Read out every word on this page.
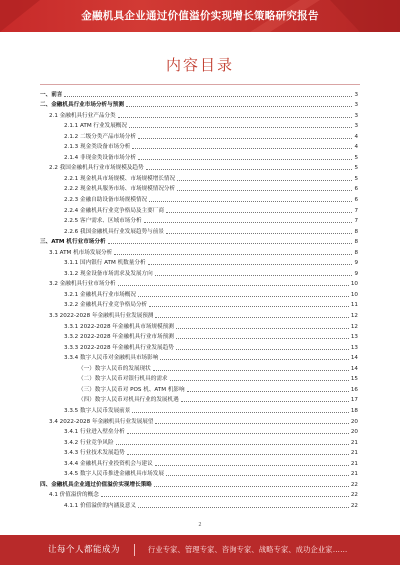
金融机具企业通过价值溢价实现增长策略研究报告
内容目录
一、前言	3
二、金融机具行业市场分析与预测	3
2.1 金融机具行业产品分类	3
2.1.1 ATM 行业发展概况	3
2.1.2 二级分类产品市场分析	4
2.1.3 现金类设备市场分析	4
2.1.4 非现金类设备市场分析	5
2.2 我国金融机具行业市场规模及趋势	5
2.2.1 现金机具市场规模、市场规模增长情况	5
2.2.2 现金机具服务市场、市场规模情况分析	6
2.2.3 金融自助设备市场规模情况	6
2.2.4 金融机具行业竞争格局及主要厂商	7
2.2.5 客户需求、区域市场分析	7
2.2.6 我国金融机具行业发展趋势与前景	8
三、ATM 机行业市场分析	8
3.1 ATM 机市场发展分析	8
3.1.1 国内银行 ATM 机数量分析	9
3.1.2 现金设备市场需求及发展方向	9
3.2 金融机具行业市场分析	10
3.2.1 金融机具行业市场概况	10
3.2.2 金融机具行业竞争格局分析	11
3.3 2022-2028 年金融机具行业发展预测	12
3.3.1 2022-2028 年金融机具市场规模预测	12
3.3.2 2022-2028 年金融机具行业市场预测	13
3.3.3 2022-2028 年金融机具行业发展趋势	13
3.3.4 数字人民币对金融机具市场影响	14
（一）数字人民币的发展现状	14
（二）数字人民币对银行机具的需求	15
（三）数字人民币对 POS 机、ATM 机影响	16
（四）数字人民币对机具行业的发展机遇	17
3.3.5 数字人民币发展前景	18
3.4 2022-2028 年金融机具行业发展展望	20
3.4.1 行业进入壁垒分析	20
3.4.2 行业竞争风险	21
3.4.3 行业技术发展趋势	21
3.4.4 金融机具行业投资机会与建议	21
3.4.5 数字人民币推进金融机具市场发展	21
四、金融机具企业通过价值溢价实现增长策略	22
4.1 价值溢价的概念	22
4.1.1 价值溢价的内涵及意义	22
2
让每个人都能成为	行业专家、管理专家、咨询专家、战略专家、成功企业家……
